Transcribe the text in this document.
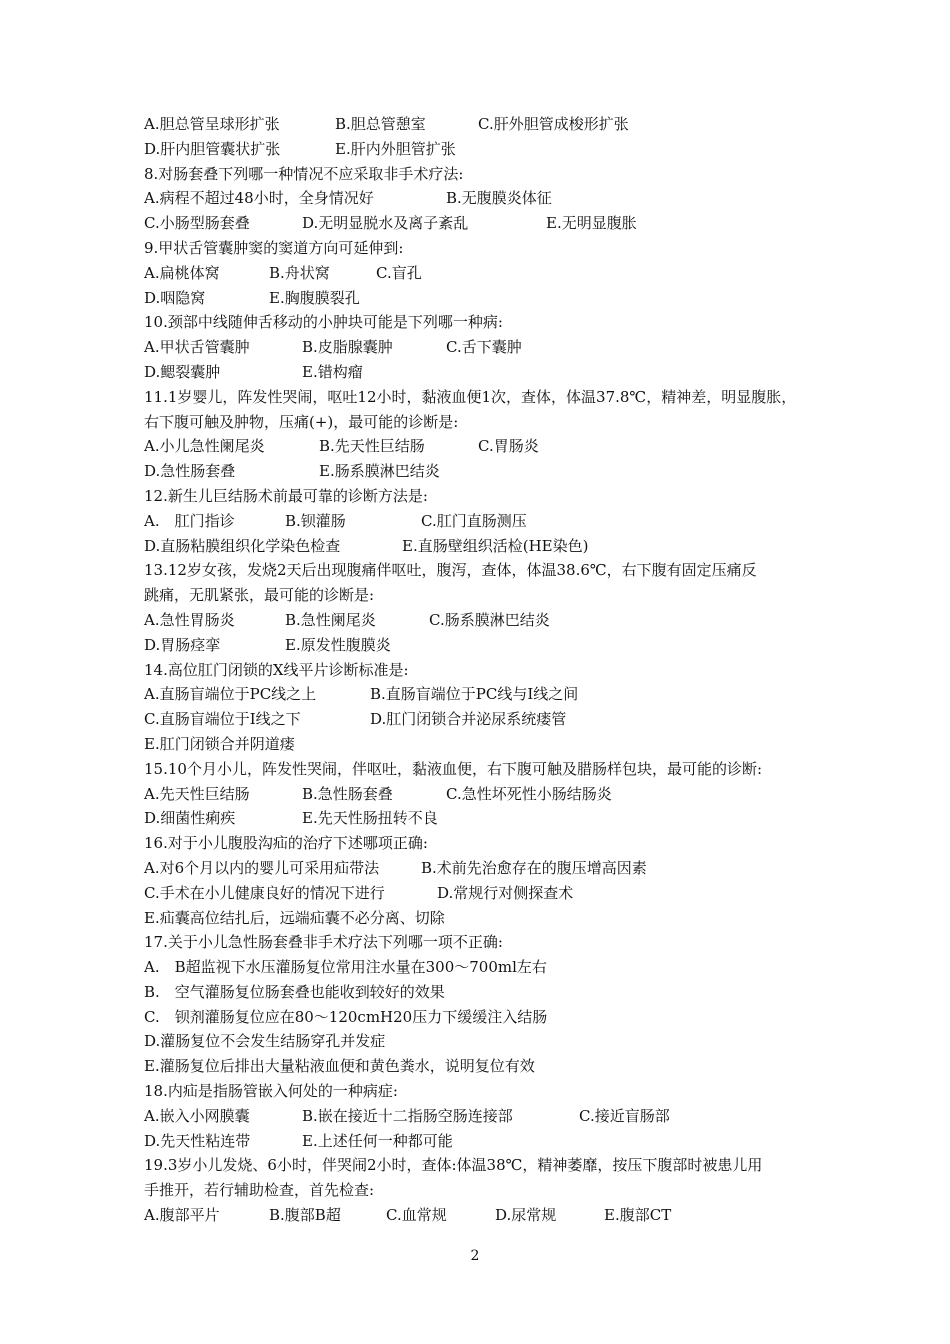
A.胆总管呈球形扩张	B.胆总管憩室	C.肝外胆管成梭形扩张
D.肝内胆管囊状扩张	E.肝内外胆管扩张
8.对肠套叠下列哪一种情况不应采取非手术疗法:
A.病程不超过48小时，全身情况好	B.无腹膜炎体征
C.小肠型肠套叠	D.无明显脱水及离子紊乱	E.无明显腹胀
9.甲状舌管囊肿窦的窦道方向可延伸到:
A.扁桃体窝	B.舟状窝	C.盲孔
D.咽隐窝	E.胸腹膜裂孔
10.颈部中线随伸舌移动的小肿块可能是下列哪一种病:
A.甲状舌管囊肿	B.皮脂腺囊肿	C.舌下囊肿
D.鳃裂囊肿	E.错构瘤
11.1岁婴儿，阵发性哭闹，呕吐12小时，黏液血便1次，查体，体温37.8℃，精神差，明显腹胀，
右下腹可触及肿物，压痛(+)，最可能的诊断是:
A.小儿急性阑尾炎	B.先天性巨结肠	C.胃肠炎
D.急性肠套叠	E.肠系膜淋巴结炎
12.新生儿巨结肠术前最可靠的诊断方法是:
A.　肛门指诊	B.钡灌肠	C.肛门直肠测压
D.直肠粘膜组织化学染色检查	E.直肠壁组织活检(HE染色)
13.12岁女孩，发烧2天后出现腹痛伴呕吐，腹泻，查体，体温38.6℃，右下腹有固定压痛反
跳痛，无肌紧张，最可能的诊断是:
A.急性胃肠炎	B.急性阑尾炎	C.肠系膜淋巴结炎
D.胃肠痉挛	E.原发性腹膜炎
14.高位肛门闭锁的X线平片诊断标准是:
A.直肠盲端位于PC线之上	B.直肠盲端位于PC线与I线之间
C.直肠盲端位于I线之下	D.肛门闭锁合并泌尿系统瘘管
E.肛门闭锁合并阴道瘘
15.10个月小儿，阵发性哭闹，伴呕吐，黏液血便，右下腹可触及腊肠样包块，最可能的诊断:
A.先天性巨结肠	B.急性肠套叠	C.急性坏死性小肠结肠炎
D.细菌性痢疾	E.先天性肠扭转不良
16.对于小儿腹股沟疝的治疗下述哪项正确:
A.对6个月以内的婴儿可采用疝带法	B.术前先治愈存在的腹压增高因素
C.手术在小儿健康良好的情况下进行	D.常规行对侧探查术
E.疝囊高位结扎后，远端疝囊不必分离、切除
17.关于小儿急性肠套叠非手术疗法下列哪一项不正确:
A.　B超监视下水压灌肠复位常用注水量在300～700ml左右
B.　空气灌肠复位肠套叠也能收到较好的效果
C.　钡剂灌肠复位应在80～120cmH20压力下缓缓注入结肠
D.灌肠复位不会发生结肠穿孔并发症
E.灌肠复位后排出大量粘液血便和黄色粪水，说明复位有效
18.内疝是指肠管嵌入何处的一种病症:
A.嵌入小网膜囊	B.嵌在接近十二指肠空肠连接部	C.接近盲肠部
D.先天性粘连带	E.上述任何一种都可能
19.3岁小儿发烧、6小时，伴哭闹2小时，查体:体温38℃，精神萎靡，按压下腹部时被患儿用
手推开，若行辅助检查，首先检查:
A.腹部平片	B.腹部B超	C.血常规	D.尿常规	E.腹部CT
2
